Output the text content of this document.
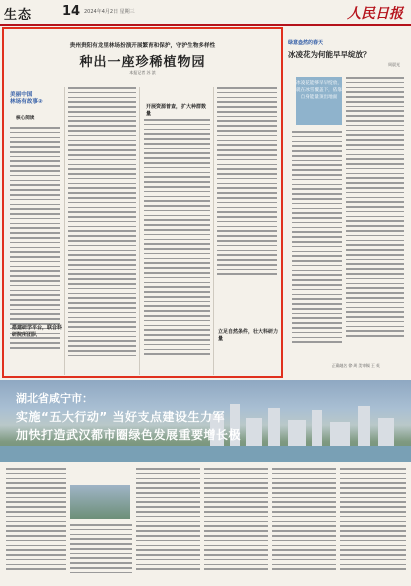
生态 14 2024年4月2日 星期三	人民日报
贵州贵阳有龙里林场扮演开展繁育和保护，守护生物多样性
种出一座珍稀植物园
本报记者 苏 滨
美丽中国
林场有故事②
核心阅读
搭建研学平台，联合科研院所团队
开展资源普查，扩大种群数量
立足自然条件，壮大科研力量
绿意盎然的春天
冰凌花为何能早早绽放？
周晨光
冰凌花能够早早绽放，就在冰雪覆盖下，依靠自身能量顶出地面
正确地名 徐·周 美审稿 王 英
湖北省咸宁市：
实施“五大行动” 当好支点建设生力军
加快打造武汉都市圈绿色发展重要增长极
